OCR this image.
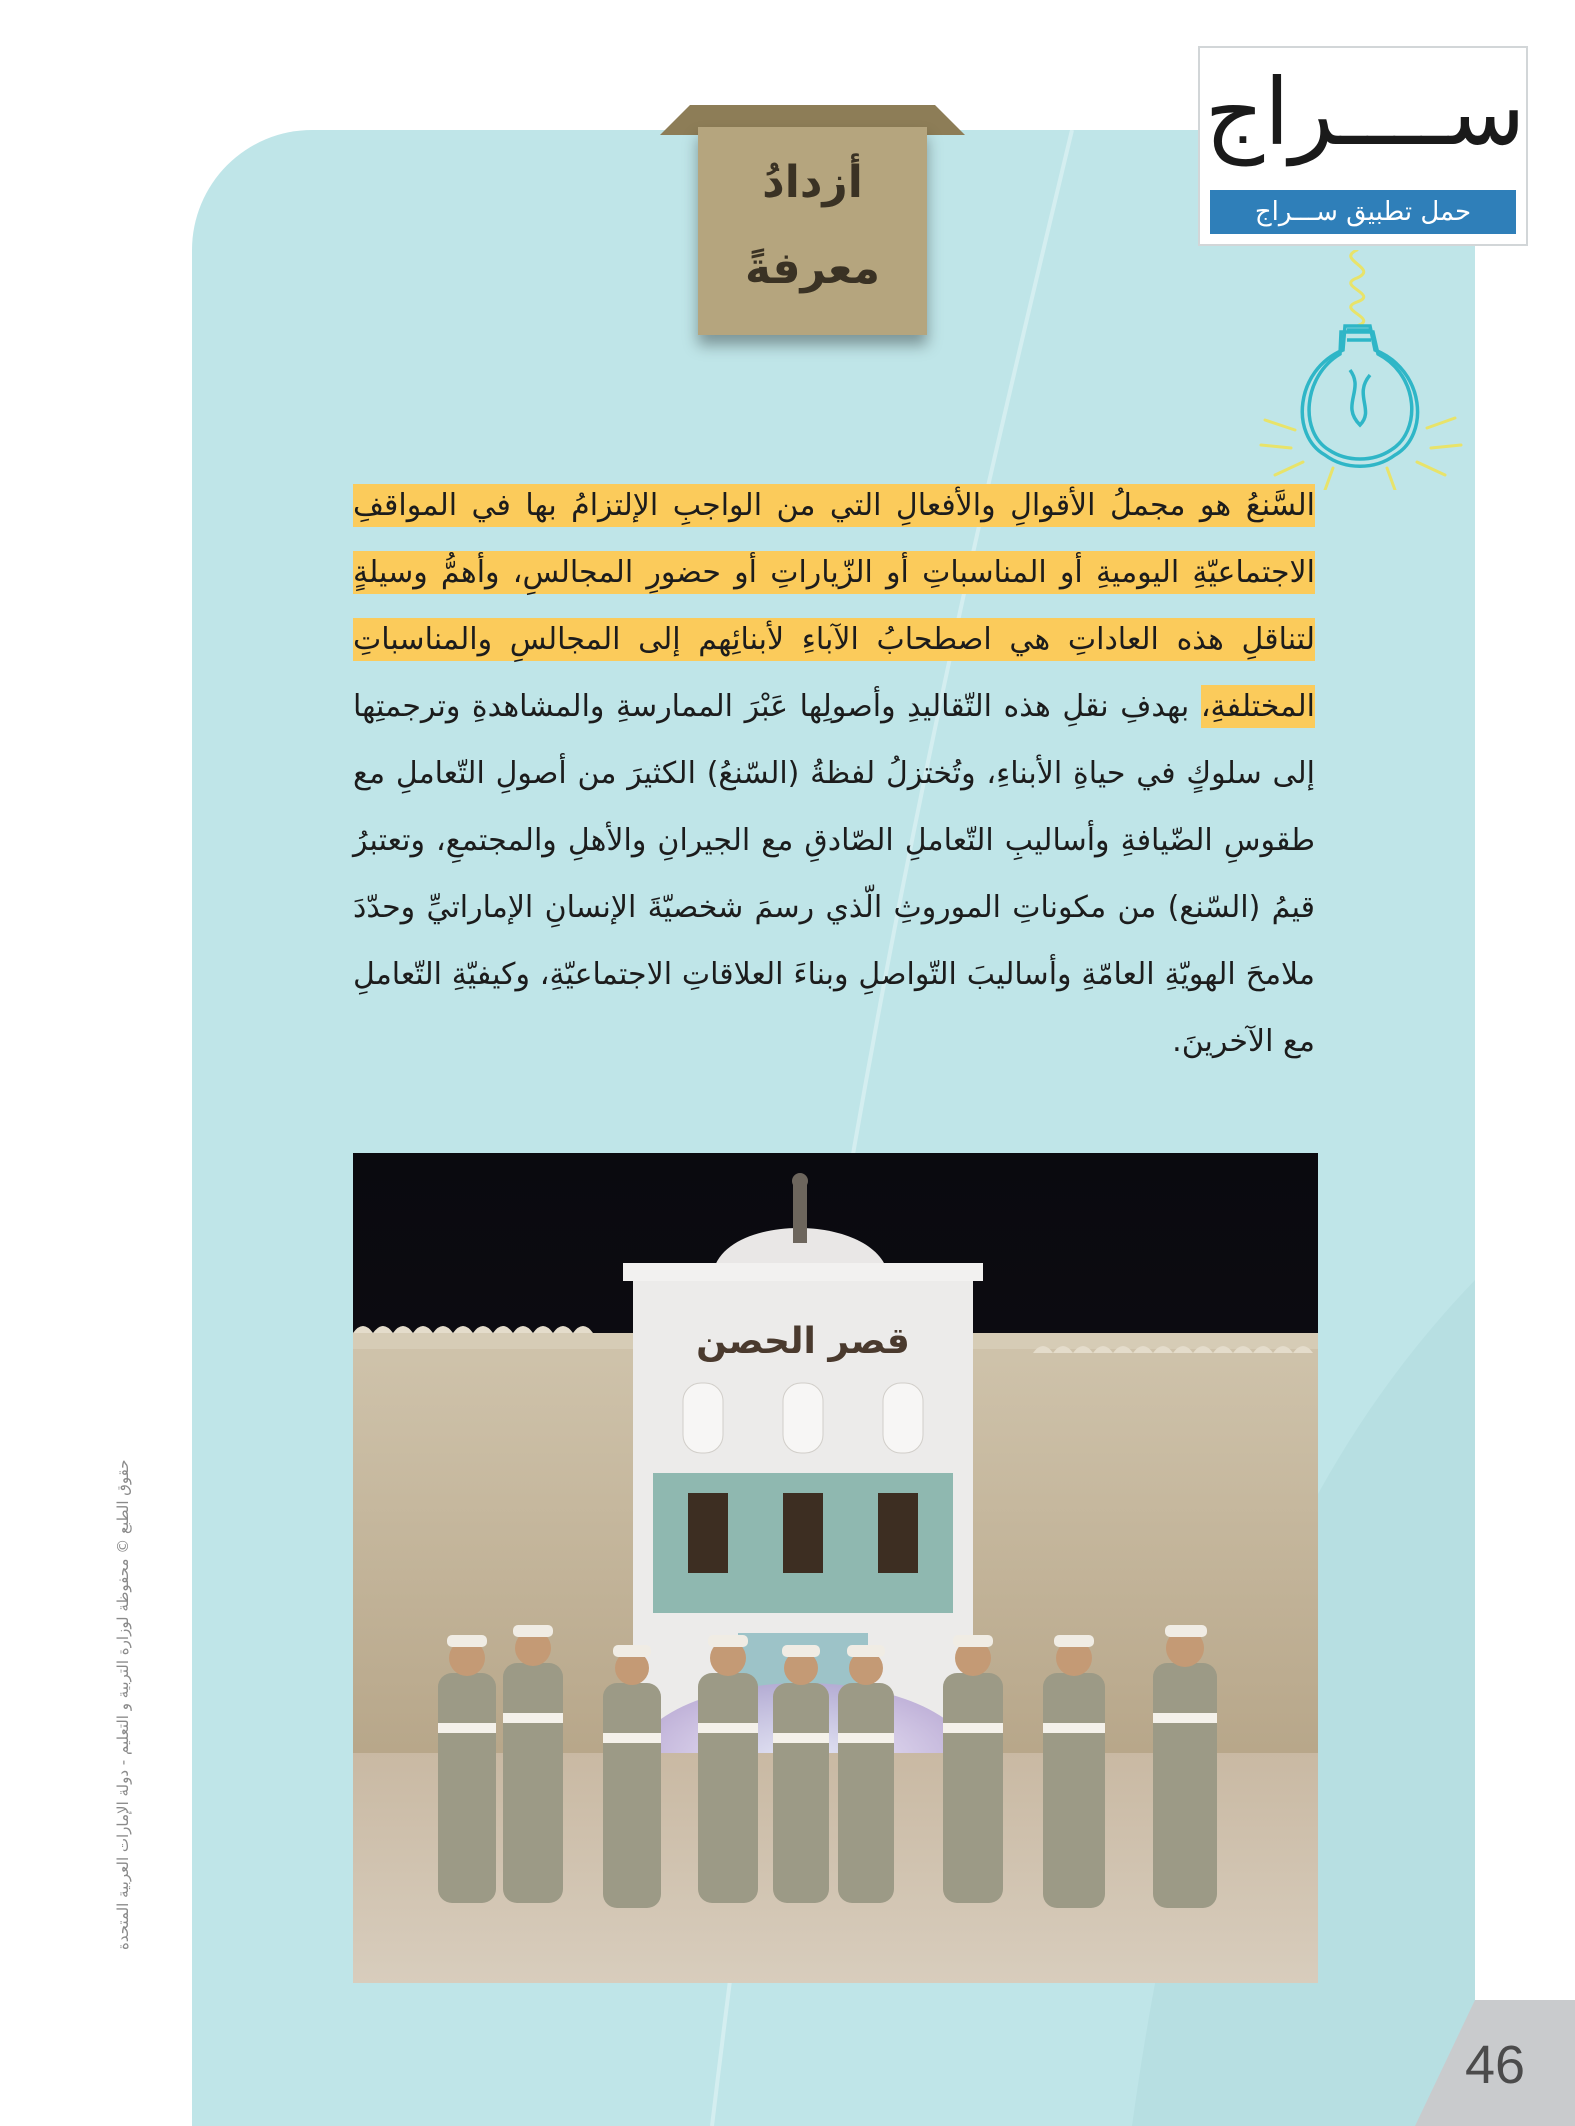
أزدادُ
معرفةً
ســــراج
حمل تطبيق ســـراج
السَّنعُ هو مجملُ الأقوالِ والأفعالِ التي من الواجبِ الإلتزامُ بها في المواقفِ الاجتماعيّةِ اليوميةِ أو المناسباتِ أو الزّياراتِ أو حضورِ المجالسِ، وأهمُّ وسيلةٍ لتناقلِ هذه العاداتِ هي اصطحابُ الآباءِ لأبنائِهم إلى المجالسِ والمناسباتِ المختلفةِ، بهدفِ نقلِ هذه التّقاليدِ وأصولِها عَبْرَ الممارسةِ والمشاهدةِ وترجمتِها إلى سلوكٍ في حياةِ الأبناءِ، وتُختزلُ لفظةُ (السّنعُ) الكثيرَ من أصولِ التّعاملِ مع طقوسِ الضّيافةِ وأساليبِ التّعاملِ الصّادقِ مع الجيرانِ والأهلِ والمجتمعِ، وتعتبرُ قيمُ (السّنع) من مكوناتِ الموروثِ الّذي رسمَ شخصيّةَ الإنسانِ الإماراتيِّ وحدّدَ ملامحَ الهويّةِ العامّةِ وأساليبَ التّواصلِ وبناءَ العلاقاتِ الاجتماعيّةِ، وكيفيّةِ التّعاملِ مع الآخرينَ.
قصر الحصن
حقوق الطبع © محفوظة لوزارة التربية و التعليم - دولة الإمارات العربية المتحدة
46
